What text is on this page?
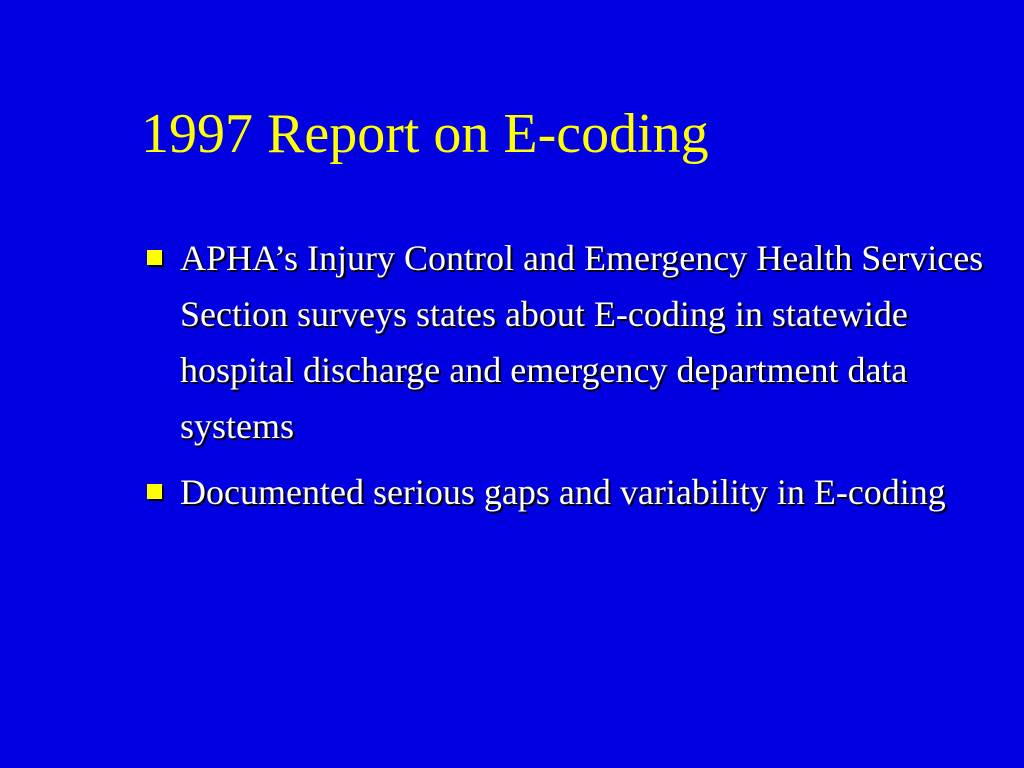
1997 Report on E-coding
APHA’s Injury Control and Emergency Health Services Section surveys states about E-coding in statewide hospital discharge and emergency department data systems
Documented serious gaps and variability in E-coding
